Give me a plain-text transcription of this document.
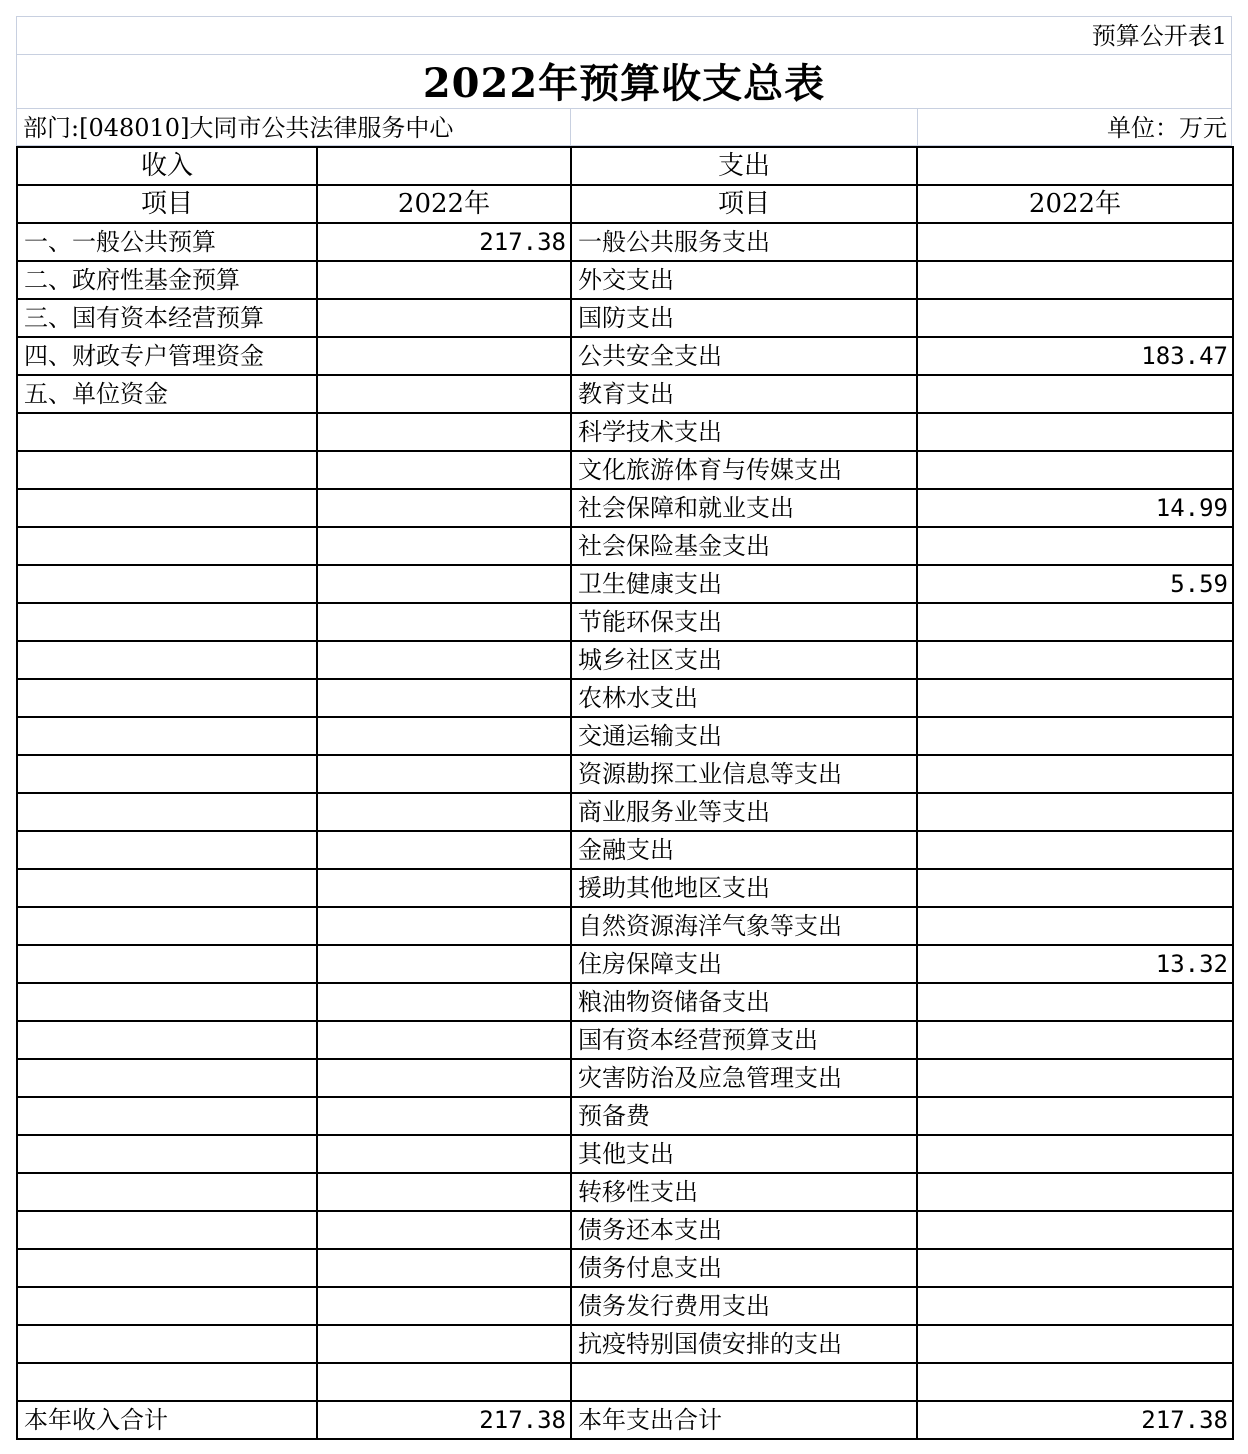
预算公开表1
2022年预算收支总表
部门:[048010]大同市公共法律服务中心	单位：万元
收入		支出	
项目	2022年	项目	2022年
一、一般公共预算	217.38	一般公共服务支出	
二、政府性基金预算		外交支出	
三、国有资本经营预算		国防支出	
四、财政专户管理资金		公共安全支出	183.47
五、单位资金		教育支出	
		科学技术支出	
		文化旅游体育与传媒支出	
		社会保障和就业支出	14.99
		社会保险基金支出	
		卫生健康支出	5.59
		节能环保支出	
		城乡社区支出	
		农林水支出	
		交通运输支出	
		资源勘探工业信息等支出	
		商业服务业等支出	
		金融支出	
		援助其他地区支出	
		自然资源海洋气象等支出	
		住房保障支出	13.32
		粮油物资储备支出	
		国有资本经营预算支出	
		灾害防治及应急管理支出	
		预备费	
		其他支出	
		转移性支出	
		债务还本支出	
		债务付息支出	
		债务发行费用支出	
		抗疫特别国债安排的支出	

本年收入合计	217.38	本年支出合计	217.38
